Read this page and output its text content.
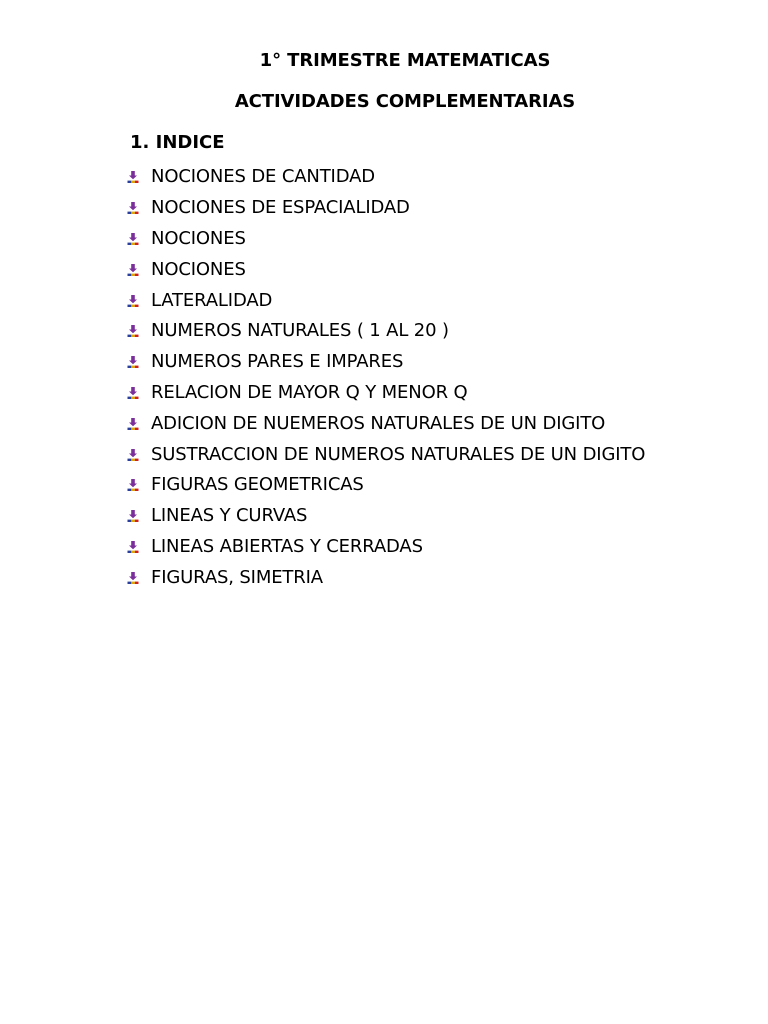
1° TRIMESTRE MATEMATICAS
ACTIVIDADES COMPLEMENTARIAS
1. INDICE
NOCIONES DE CANTIDAD
NOCIONES DE ESPACIALIDAD
NOCIONES
NOCIONES
LATERALIDAD
NUMEROS NATURALES ( 1 AL 20 )
NUMEROS PARES E IMPARES
RELACION DE MAYOR Q Y MENOR Q
ADICION DE NUEMEROS NATURALES DE UN DIGITO
SUSTRACCION DE NUMEROS NATURALES DE UN DIGITO
FIGURAS GEOMETRICAS
LINEAS Y CURVAS
LINEAS ABIERTAS Y CERRADAS
FIGURAS, SIMETRIA
